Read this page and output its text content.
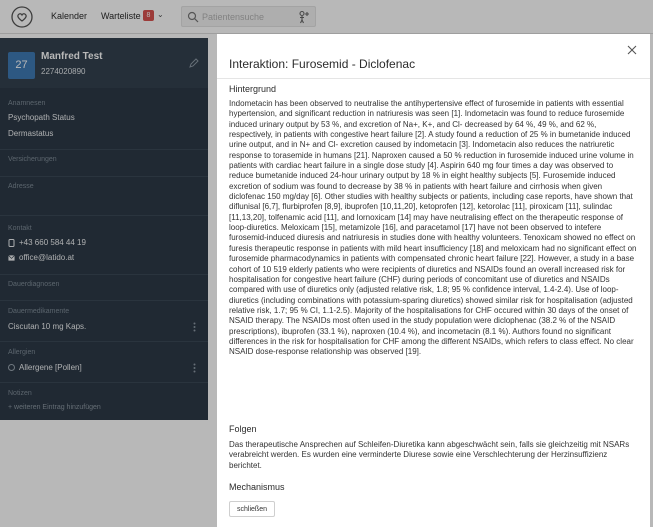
Kalender Warteliste 8 ⌄
Patientensuche
27
Manfred Test
2274020890
Anamnesen
Psychopath Status
Dermastatus
Versicherungen
Adresse
Kontakt
+43 660 584 44 19
office@latido.at
Dauerdiagnosen
Dauermedikamente
Ciscutan 10 mg Kaps.
Allergien
Allergene [Pollen]
Notizen
+ weiteren Eintrag hinzufügen
Interaktion: Furosemid - Diclofenac
Hintergrund
Indometacin has been observed to neutralise the antihypertensive effect of furosemide in patients with essential hypertension, and significant reduction in natriuresis was seen [1]. Indometacin was found to reduce furosemide induced urinary output by 53 %, and excretion of Na+, K+, and Cl- decreased by 64 %, 49 %, and 62 %, respectively, in patients with congestive heart failure [2]. A study found a reduction of 25 % in bumetanide induced urine output, and in N+ and Cl- excretion caused by indometacin [3]. Indometacin also reduces the natriuretic response to torasemide in humans [21]. Naproxen caused a 50 % reduction in furosemide induced urine volume in patients with cardiac heart failure in a single dose study [4]. Aspirin 640 mg four times a day was observed to reduce bumetanide induced 24-hour urinary output by 18 % in eight healthy subjects [5]. Furosemide induced excretion of sodium was found to decrease by 38 % in patients with heart failure and cirrhosis when given diclofenac 150 mg/day [6]. Other studies with healthy subjects or patients, including case reports, have shown that diflunisal [6,7], flurbiprofen [8,9], ibuprofen [10,11,20], ketoprofen [12], ketorolac [11], piroxicam [11], sulindac [11,13,20], tolfenamic acid [11], and lornoxicam [14] may have neutralising effect on the therapeutic response of loop-diuretics. Meloxicam [15], metamizole [16], and paracetamol [17] have not been observed to intefere furosemid-induced diuresis and natriuresis in studies done with healthy volunteers. Tenoxicam showed no effect on furesis therapeutic response in patients with mild heart insufficiency [18] and meloxicam had no significant effect on furosemide pharmacodynamics in patients with compensated chronic heart failure [22]. However, a study in a base cohort of 10 519 elderly patients who were recipients of diuretics and NSAIDs found an overall increased risk for hospitalisation for congestive heart failure (CHF) during periods of concomitant use of diuretics and NSAIDs compared with use of diuretics only (adjusted relative risk, 1.8; 95 % confidence interval, 1.4-2.4). Use of loop-diuretics (including combinations with potassium-sparing diuretics) showed similar risk for hospitalisation (adjusted relative risk, 1.7; 95 % CI, 1.1-2.5). Majority of the hospitalisations for CHF occured within 30 days of the onset of NSAID therapy. The NSAIDs most often used in the study population were diclophenac (38.2 % of the NSAID prescriptions), ibuprofen (33.1 %), naproxen (10.4 %), and incometacin (8.1 %). Authors found no significant differences in the risk for hospitalisation for CHF among the different NSAIDs, which refers to class effect. No clear NSAID dose-response relationship was observed [19].
Folgen
Das therapeutische Ansprechen auf Schleifen-Diuretika kann abgeschwächt sein, falls sie gleichzeitig mit NSARs verabreicht werden. Es wurden eine verminderte Diurese sowie eine Verschlechterung der Herzinsuffizienz berichtet.
Mechanismus
schließen
